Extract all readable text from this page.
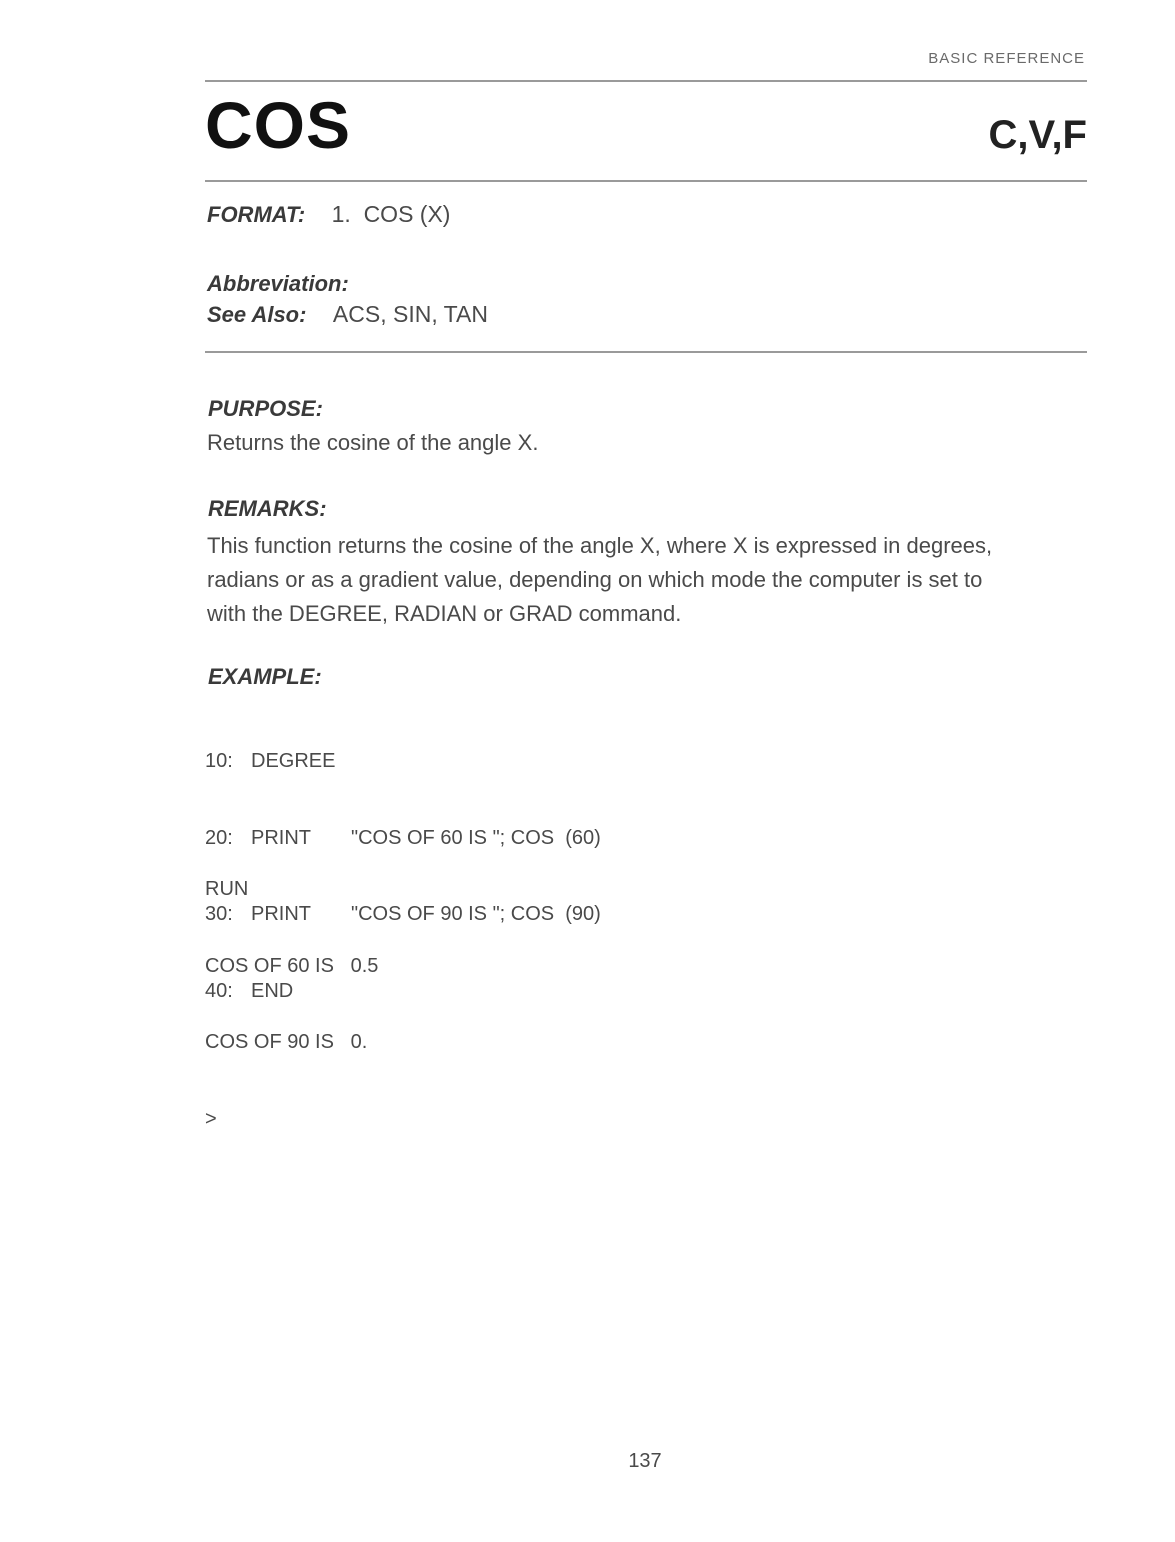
BASIC REFERENCE
COS	C,V,F
FORMAT: 1.  COS (X)
Abbreviation:
See Also: ACS, SIN, TAN
PURPOSE:
Returns the cosine of the angle X.
REMARKS:
This function returns the cosine of the angle X, where X is expressed in degrees,
radians or as a gradient value, depending on which mode the computer is set to
with the DEGREE, RADIAN or GRAD command.
EXAMPLE:

10: DEGREE

20: PRINT "COS OF 60 IS "; COS  (60)

30: PRINT "COS OF 90 IS "; COS  (90)

40: END

RUN

COS OF 60 IS   0.5

COS OF 90 IS   0.

>

137
